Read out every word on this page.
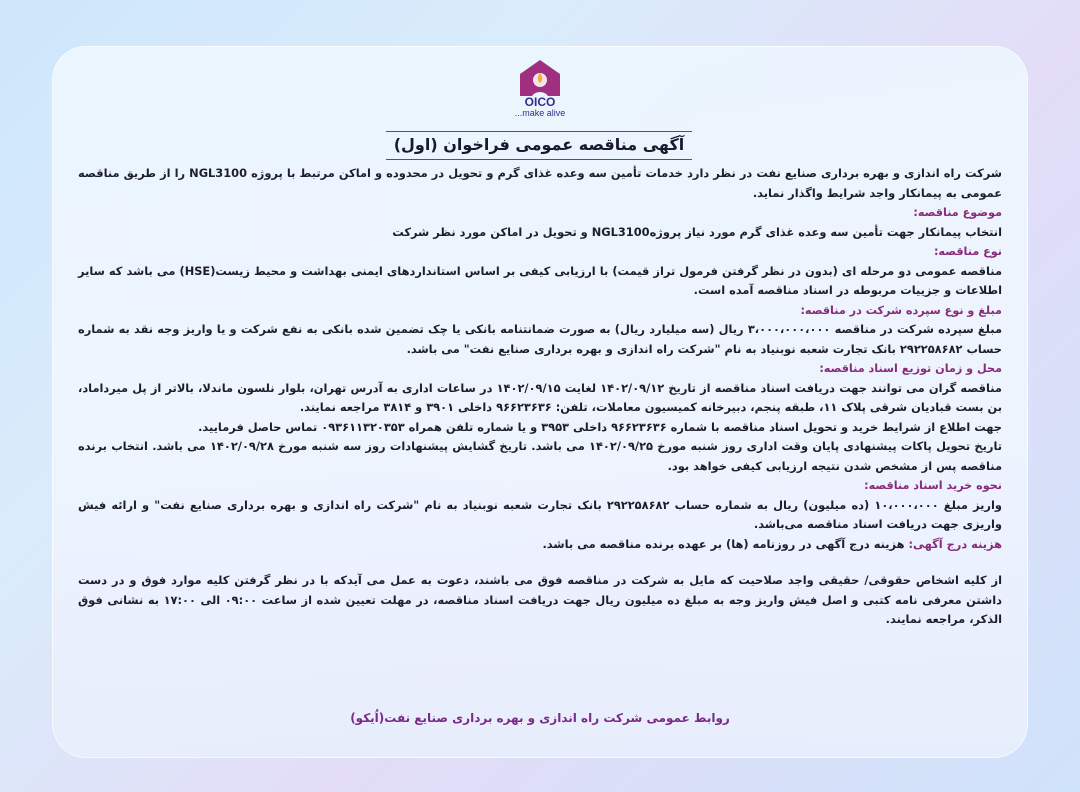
OICO
...make alive
آگهی مناقصه عمومی فراخوان (اول)

شرکت راه اندازی و بهره برداری صنایع نفت در نظر دارد خدمات تأمین سه وعده غذای گرم و تحویل در محدوده و اماکن مرتبط با پروژه NGL3100 را از طریق مناقصه عمومی به پیمانکار واجد شرایط واگذار نماید.

موضوع مناقصه:

انتخاب پیمانکار جهت تأمین سه وعده غذای گرم مورد نیاز پروژهNGL3100 و تحویل در اماکن مورد نظر شرکت

نوع مناقصه:

مناقصه عمومی دو مرحله ای (بدون در نظر گرفتن فرمول تراز قیمت) با ارزیابی کیفی بر اساس استانداردهای ایمنی بهداشت و محیط زیست(HSE) می باشد که سایر اطلاعات و جزییات مربوطه در اسناد مناقصه آمده است.

مبلغ و نوع سپرده شرکت در مناقصه:

مبلغ سپرده شرکت در مناقصه ۳،۰۰۰،۰۰۰،۰۰۰ ریال (سه میلیارد ریال) به صورت ضمانتنامه بانکی یا چک تضمین شده بانکی به نفع شرکت و یا واریز وجه نقد به شماره حساب ۲۹۲۲۵۸۶۸۲ بانک تجارت شعبه نوبنیاد به نام "شرکت راه اندازی و بهره برداری صنایع نفت" می باشد.

محل و زمان توزیع اسناد مناقصه:

مناقصه گران می توانند جهت دریافت اسناد مناقصه از تاریخ ۱۴۰۲/۰۹/۱۲ لغایت ۱۴۰۲/۰۹/۱۵ در ساعات اداری به آدرس تهران، بلوار نلسون ماندلا، بالاتر از پل میرداماد، بن بست قبادیان شرقی پلاک ۱۱، طبقه پنجم، دبیرخانه کمیسیون معاملات، تلفن: ۹۶۶۲۳۶۳۶ داخلی ۳۹۰۱ و ۳۸۱۴ مراجعه نمایند.

جهت اطلاع از شرایط خرید و تحویل اسناد مناقصه با شماره ۹۶۶۲۳۶۳۶ داخلی ۳۹۵۳ و یا شماره تلفن همراه ۰۹۳۶۱۱۳۲۰۳۵۳ تماس حاصل فرمایید.

تاریخ تحویل پاکات پیشنهادی پایان وقت اداری روز شنبه مورخ ۱۴۰۲/۰۹/۲۵ می باشد. تاریخ گشایش پیشنهادات روز سه شنبه مورخ ۱۴۰۲/۰۹/۲۸ می باشد. انتخاب برنده مناقصه پس از مشخص شدن نتیجه ارزیابی کیفی خواهد بود.

نحوه خرید اسناد مناقصه:

واریز مبلغ ۱۰،۰۰۰،۰۰۰ (ده میلیون) ریال به شماره حساب ۲۹۲۲۵۸۶۸۲ بانک تجارت شعبه نوبنیاد به نام "شرکت راه اندازی و بهره برداری صنایع نفت" و ارائه فیش واریزی جهت دریافت اسناد مناقصه می‌باشد.

هزینه درج آگهی: هزینه درج آگهی در روزنامه (ها) بر عهده برنده مناقصه می باشد.

از کلیه اشخاص حقوقی/ حقیقی واجد صلاحیت که مایل به شرکت در مناقصه فوق می باشند، دعوت به عمل می آیدکه با در نظر گرفتن کلیه موارد فوق و در دست داشتن معرفی نامه کتبی و اصل فیش واریز وجه به مبلغ ده میلیون ریال جهت دریافت اسناد مناقصه، در مهلت تعیین شده از ساعت ۰۹:۰۰ الی ۱۷:۰۰ به نشانی فوق الذکر، مراجعه نمایند.

روابط عمومی شرکت راه اندازی و بهره برداری صنایع نفت(اُیکو)
